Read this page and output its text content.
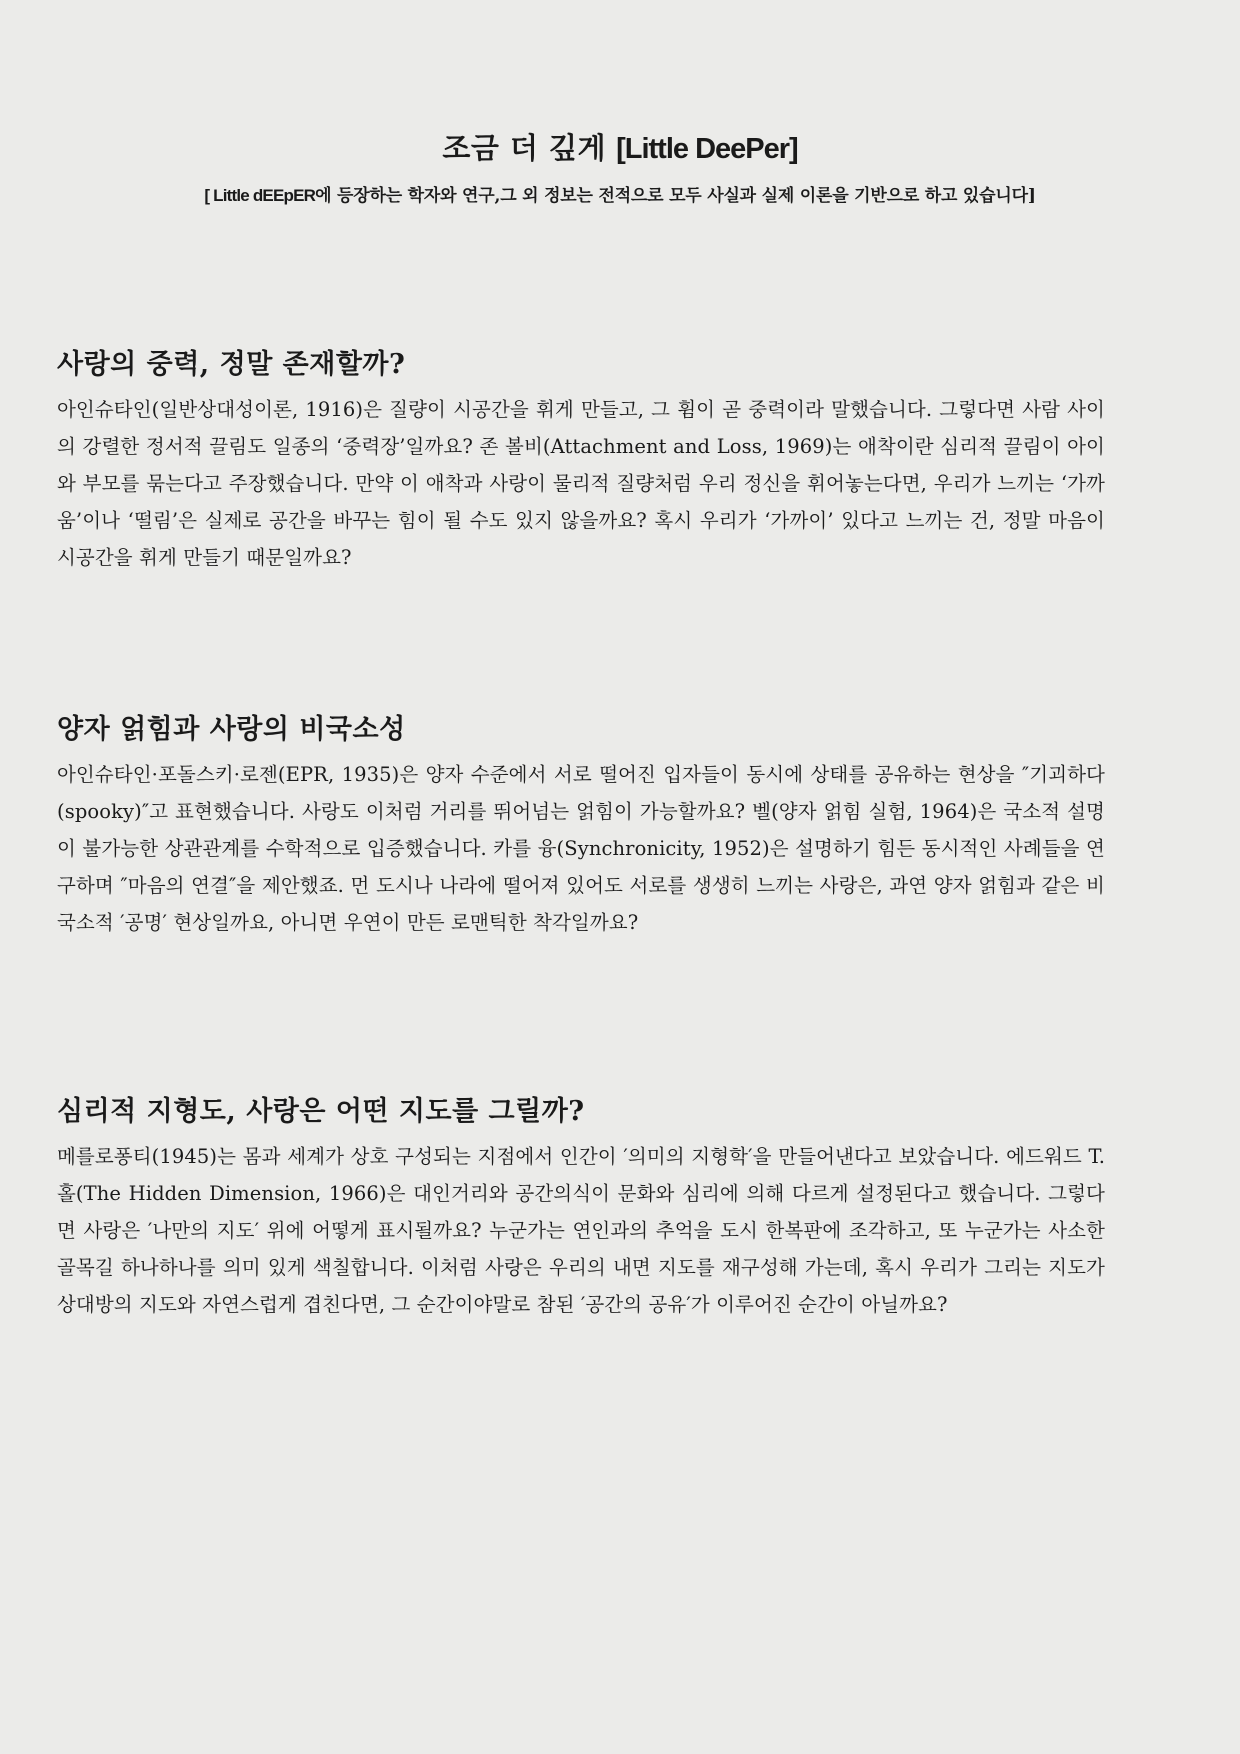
조금 더 깊게 [Little DeePer]
[ Little dEEpER에 등장하는 학자와 연구,그 외 정보는 전적으로 모두 사실과 실제 이론을 기반으로 하고 있습니다]
사랑의 중력, 정말 존재할까?

아인슈타인(일반상대성이론, 1916)은 질량이 시공간을 휘게 만들고, 그 휨이 곧 중력이라 말했습니다. 그렇다면 사람 사이의 강렬한 정서적 끌림도 일종의 ‘중력장’일까요? 존 볼비(Attachment and Loss, 1969)는 애착이란 심리적 끌림이 아이와 부모를 묶는다고 주장했습니다. 만약 이 애착과 사랑이 물리적 질량처럼 우리 정신을 휘어놓는다면, 우리가 느끼는 ‘가까움’이나 ‘떨림’은 실제로 공간을 바꾸는 힘이 될 수도 있지 않을까요? 혹시 우리가 ‘가까이’ 있다고 느끼는 건, 정말 마음이 시공간을 휘게 만들기 때문일까요?

양자 얽힘과 사랑의 비국소성

아인슈타인·포돌스키·로젠(EPR, 1935)은 양자 수준에서 서로 떨어진 입자들이 동시에 상태를 공유하는 현상을 ″기괴하다(spooky)″고 표현했습니다. 사랑도 이처럼 거리를 뛰어넘는 얽힘이 가능할까요? 벨(양자 얽힘 실험, 1964)은 국소적 설명이 불가능한 상관관계를 수학적으로 입증했습니다. 카를 융(Synchronicity, 1952)은 설명하기 힘든 동시적인 사례들을 연구하며 ″마음의 연결″을 제안했죠. 먼 도시나 나라에 떨어져 있어도 서로를 생생히 느끼는 사랑은, 과연 양자 얽힘과 같은 비국소적 ′공명′ 현상일까요, 아니면 우연이 만든 로맨틱한 착각일까요?

심리적 지형도, 사랑은 어떤 지도를 그릴까?

메를로퐁티(1945)는 몸과 세계가 상호 구성되는 지점에서 인간이 ′의미의 지형학′을 만들어낸다고 보았습니다. 에드워드 T. 홀(The Hidden Dimension, 1966)은 대인거리와 공간의식이 문화와 심리에 의해 다르게 설정된다고 했습니다. 그렇다면 사랑은 ′나만의 지도′ 위에 어떻게 표시될까요? 누군가는 연인과의 추억을 도시 한복판에 조각하고, 또 누군가는 사소한 골목길 하나하나를 의미 있게 색칠합니다. 이처럼 사랑은 우리의 내면 지도를 재구성해 가는데, 혹시 우리가 그리는 지도가 상대방의 지도와 자연스럽게 겹친다면, 그 순간이야말로 참된 ′공간의 공유′가 이루어진 순간이 아닐까요?
